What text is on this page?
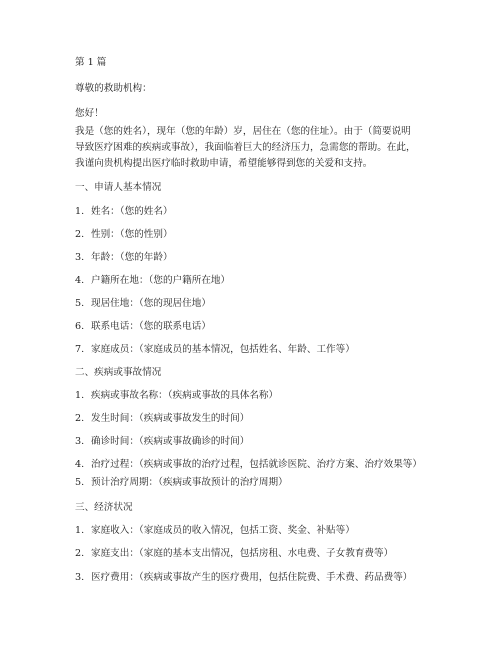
第 1 篇
尊敬的救助机构：
您好！
我是（您的姓名），现年（您的年龄）岁，居住在（您的住址）。由于（简要说明
导致医疗困难的疾病或事故），我面临着巨大的经济压力，急需您的帮助。在此，
我谨向贵机构提出医疗临时救助申请，希望能够得到您的关爱和支持。
一、申请人基本情况
1. 姓名：（您的姓名）
2. 性别：（您的性别）
3. 年龄：（您的年龄）
4. 户籍所在地：（您的户籍所在地）
5. 现居住地：（您的现居住地）
6. 联系电话：（您的联系电话）
7. 家庭成员：（家庭成员的基本情况，包括姓名、年龄、工作等）
二、疾病或事故情况
1. 疾病或事故名称：（疾病或事故的具体名称）
2. 发生时间：（疾病或事故发生的时间）
3. 确诊时间：（疾病或事故确诊的时间）
4. 治疗过程：（疾病或事故的治疗过程，包括就诊医院、治疗方案、治疗效果等）
5. 预计治疗周期：（疾病或事故预计的治疗周期）
三、经济状况
1. 家庭收入：（家庭成员的收入情况，包括工资、奖金、补贴等）
2. 家庭支出：（家庭的基本支出情况，包括房租、水电费、子女教育费等）
3. 医疗费用：（疾病或事故产生的医疗费用，包括住院费、手术费、药品费等）
